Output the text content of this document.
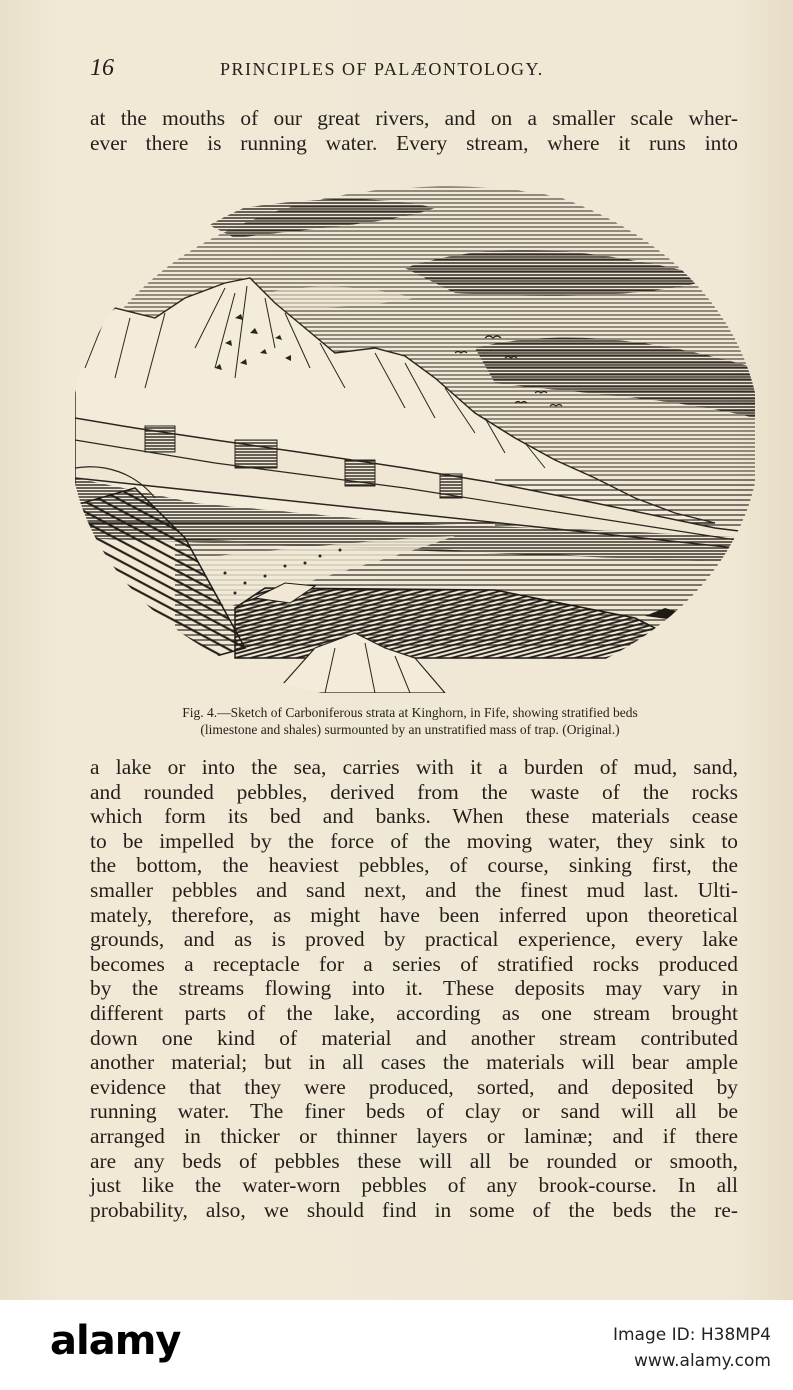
16	PRINCIPLES OF PALÆONTOLOGY.
at the mouths of our great rivers, and on a smaller scale wher-
ever there is running water. Every stream, where it runs into
Fig. 4.—Sketch of Carboniferous strata at Kinghorn, in Fife, showing stratified beds
(limestone and shales) surmounted by an unstratified mass of trap. (Original.)
a lake or into the sea, carries with it a burden of mud, sand,
and rounded pebbles, derived from the waste of the rocks
which form its bed and banks. When these materials cease
to be impelled by the force of the moving water, they sink to
the bottom, the heaviest pebbles, of course, sinking first, the
smaller pebbles and sand next, and the finest mud last. Ulti-
mately, therefore, as might have been inferred upon theoretical
grounds, and as is proved by practical experience, every lake
becomes a receptacle for a series of stratified rocks produced
by the streams flowing into it. These deposits may vary in
different parts of the lake, according as one stream brought
down one kind of material and another stream contributed
another material; but in all cases the materials will bear ample
evidence that they were produced, sorted, and deposited by
running water. The finer beds of clay or sand will all be
arranged in thicker or thinner layers or laminæ; and if there
are any beds of pebbles these will all be rounded or smooth,
just like the water-worn pebbles of any brook-course. In all
probability, also, we should find in some of the beds the re-
alamy	Image ID: H38MP4
www.alamy.com
